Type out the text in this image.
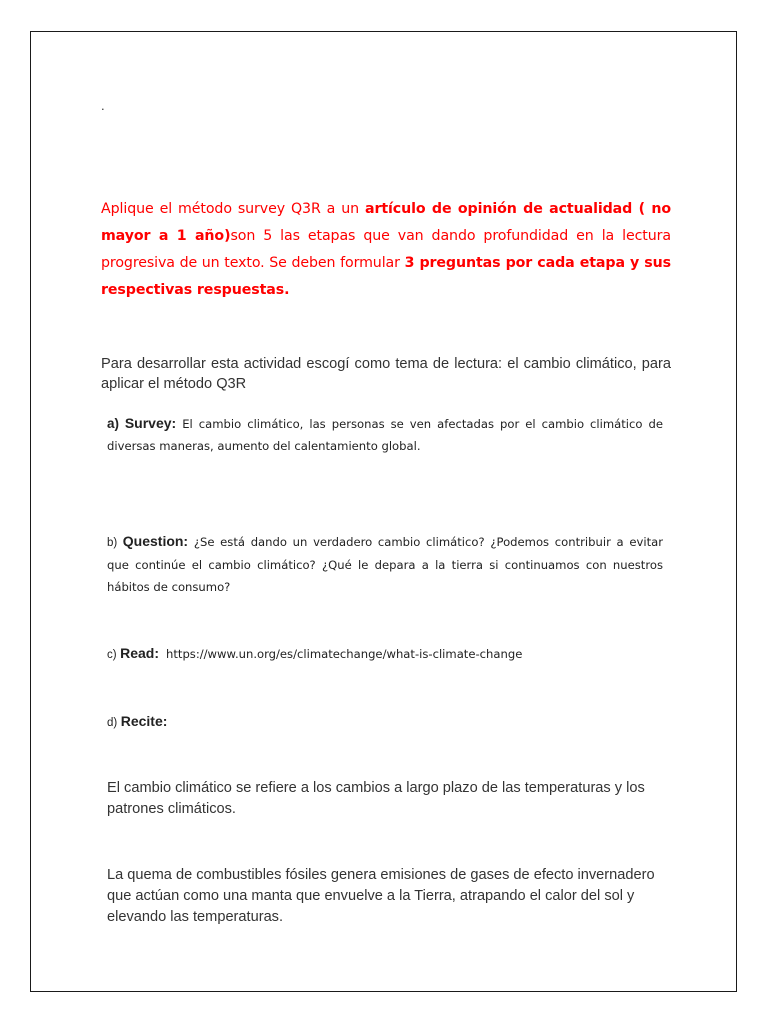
.
Aplique el método survey Q3R a un artículo de opinión de actualidad ( no mayor a 1 año)son 5 las etapas que van dando profundidad en la lectura progresiva de un texto. Se deben formular 3 preguntas por cada etapa y sus respectivas respuestas.
Para desarrollar esta actividad escogí como tema de lectura: el cambio climático, para aplicar el método Q3R
a) Survey: El cambio climático, las personas se ven afectadas por el cambio climático de diversas maneras, aumento del calentamiento global.
b) Question: ¿Se está dando un verdadero cambio climático? ¿Podemos contribuir a evitar que continúe el cambio climático? ¿Qué le depara a la tierra si continuamos con nuestros hábitos de consumo?
c) Read: https://www.un.org/es/climatechange/what-is-climate-change
d) Recite:
El cambio climático se refiere a los cambios a largo plazo de las temperaturas y los patrones climáticos.
La quema de combustibles fósiles genera emisiones de gases de efecto invernadero que actúan como una manta que envuelve a la Tierra, atrapando el calor del sol y elevando las temperaturas.
